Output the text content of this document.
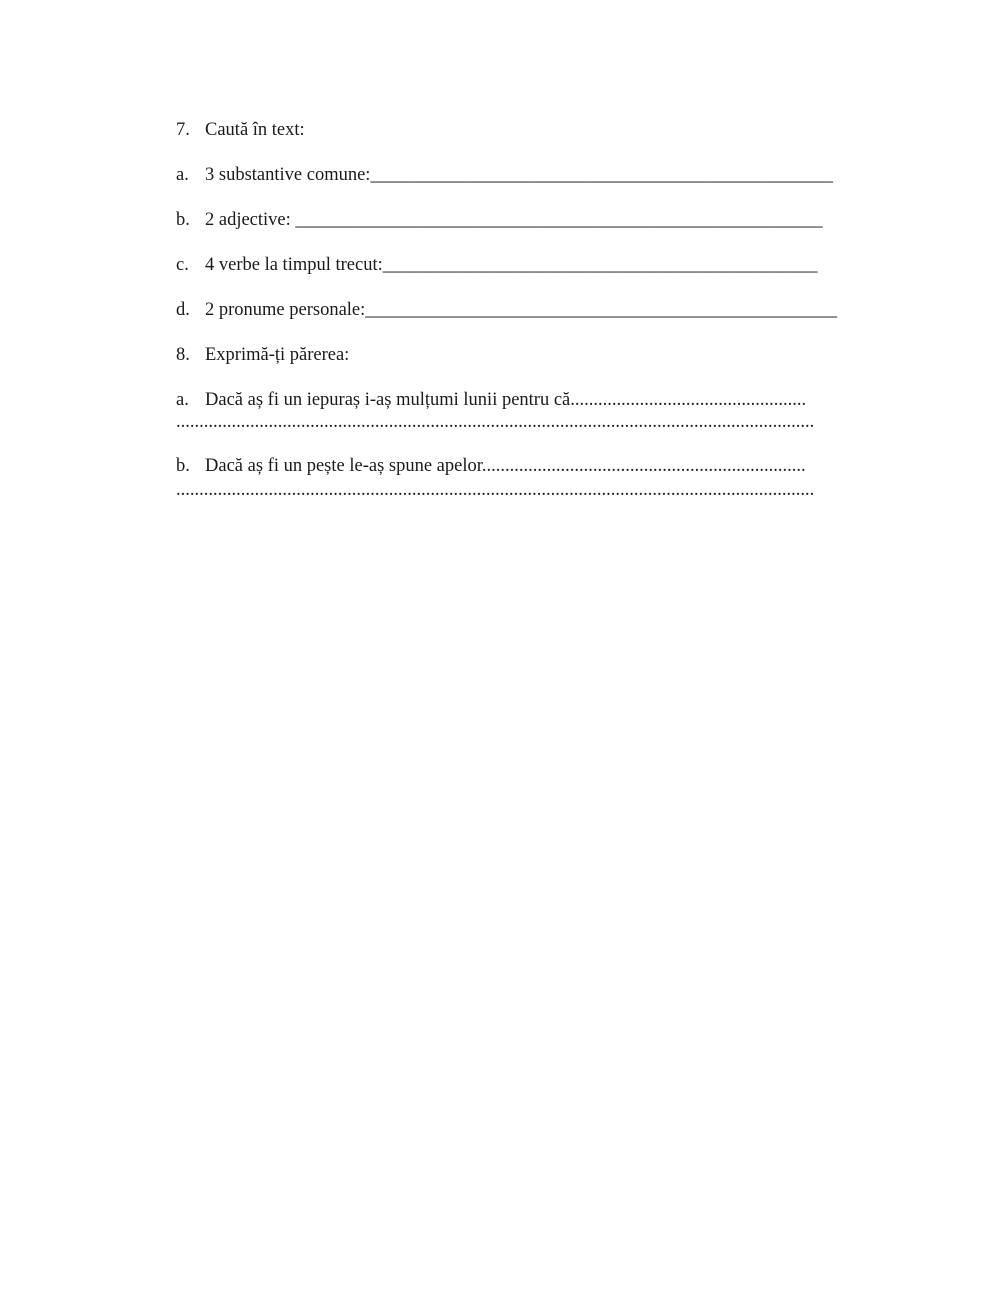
7. Caută în text:
a. 3 substantive comune:__________________________________________________
b. 2 adjective: _________________________________________________________
c. 4 verbe la timpul trecut:_______________________________________________
d. 2 pronume personale:___________________________________________________
8. Exprimă-ți părerea:
a. Dacă aș fi un iepuraș i-aș mulțumi lunii pentru că...................................................
..........................................................................................................................................
b. Dacă aș fi un pește le-aș spune apelor......................................................................
..........................................................................................................................................
